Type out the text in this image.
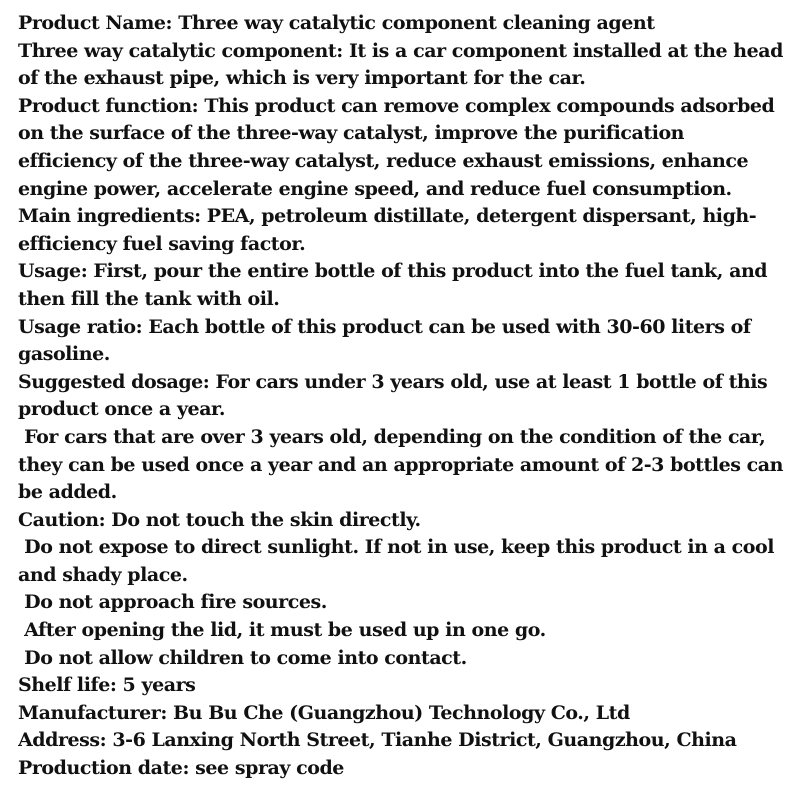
Product Name: Three way catalytic component cleaning agent
Three way catalytic component: It is a car component installed at the head
of the exhaust pipe, which is very important for the car.
Product function: This product can remove complex compounds adsorbed
on the surface of the three-way catalyst, improve the purification
efficiency of the three-way catalyst, reduce exhaust emissions, enhance
engine power, accelerate engine speed, and reduce fuel consumption.
Main ingredients: PEA, petroleum distillate, detergent dispersant, high-
efficiency fuel saving factor.
Usage: First, pour the entire bottle of this product into the fuel tank, and
then fill the tank with oil.
Usage ratio: Each bottle of this product can be used with 30-60 liters of
gasoline.
Suggested dosage: For cars under 3 years old, use at least 1 bottle of this
product once a year.
For cars that are over 3 years old, depending on the condition of the car,
they can be used once a year and an appropriate amount of 2-3 bottles can
be added.
Caution: Do not touch the skin directly.
Do not expose to direct sunlight. If not in use, keep this product in a cool
and shady place.
Do not approach fire sources.
After opening the lid, it must be used up in one go.
Do not allow children to come into contact.
Shelf life: 5 years
Manufacturer: Bu Bu Che (Guangzhou) Technology Co., Ltd
Address: 3-6 Lanxing North Street, Tianhe District, Guangzhou, China
Production date: see spray code
